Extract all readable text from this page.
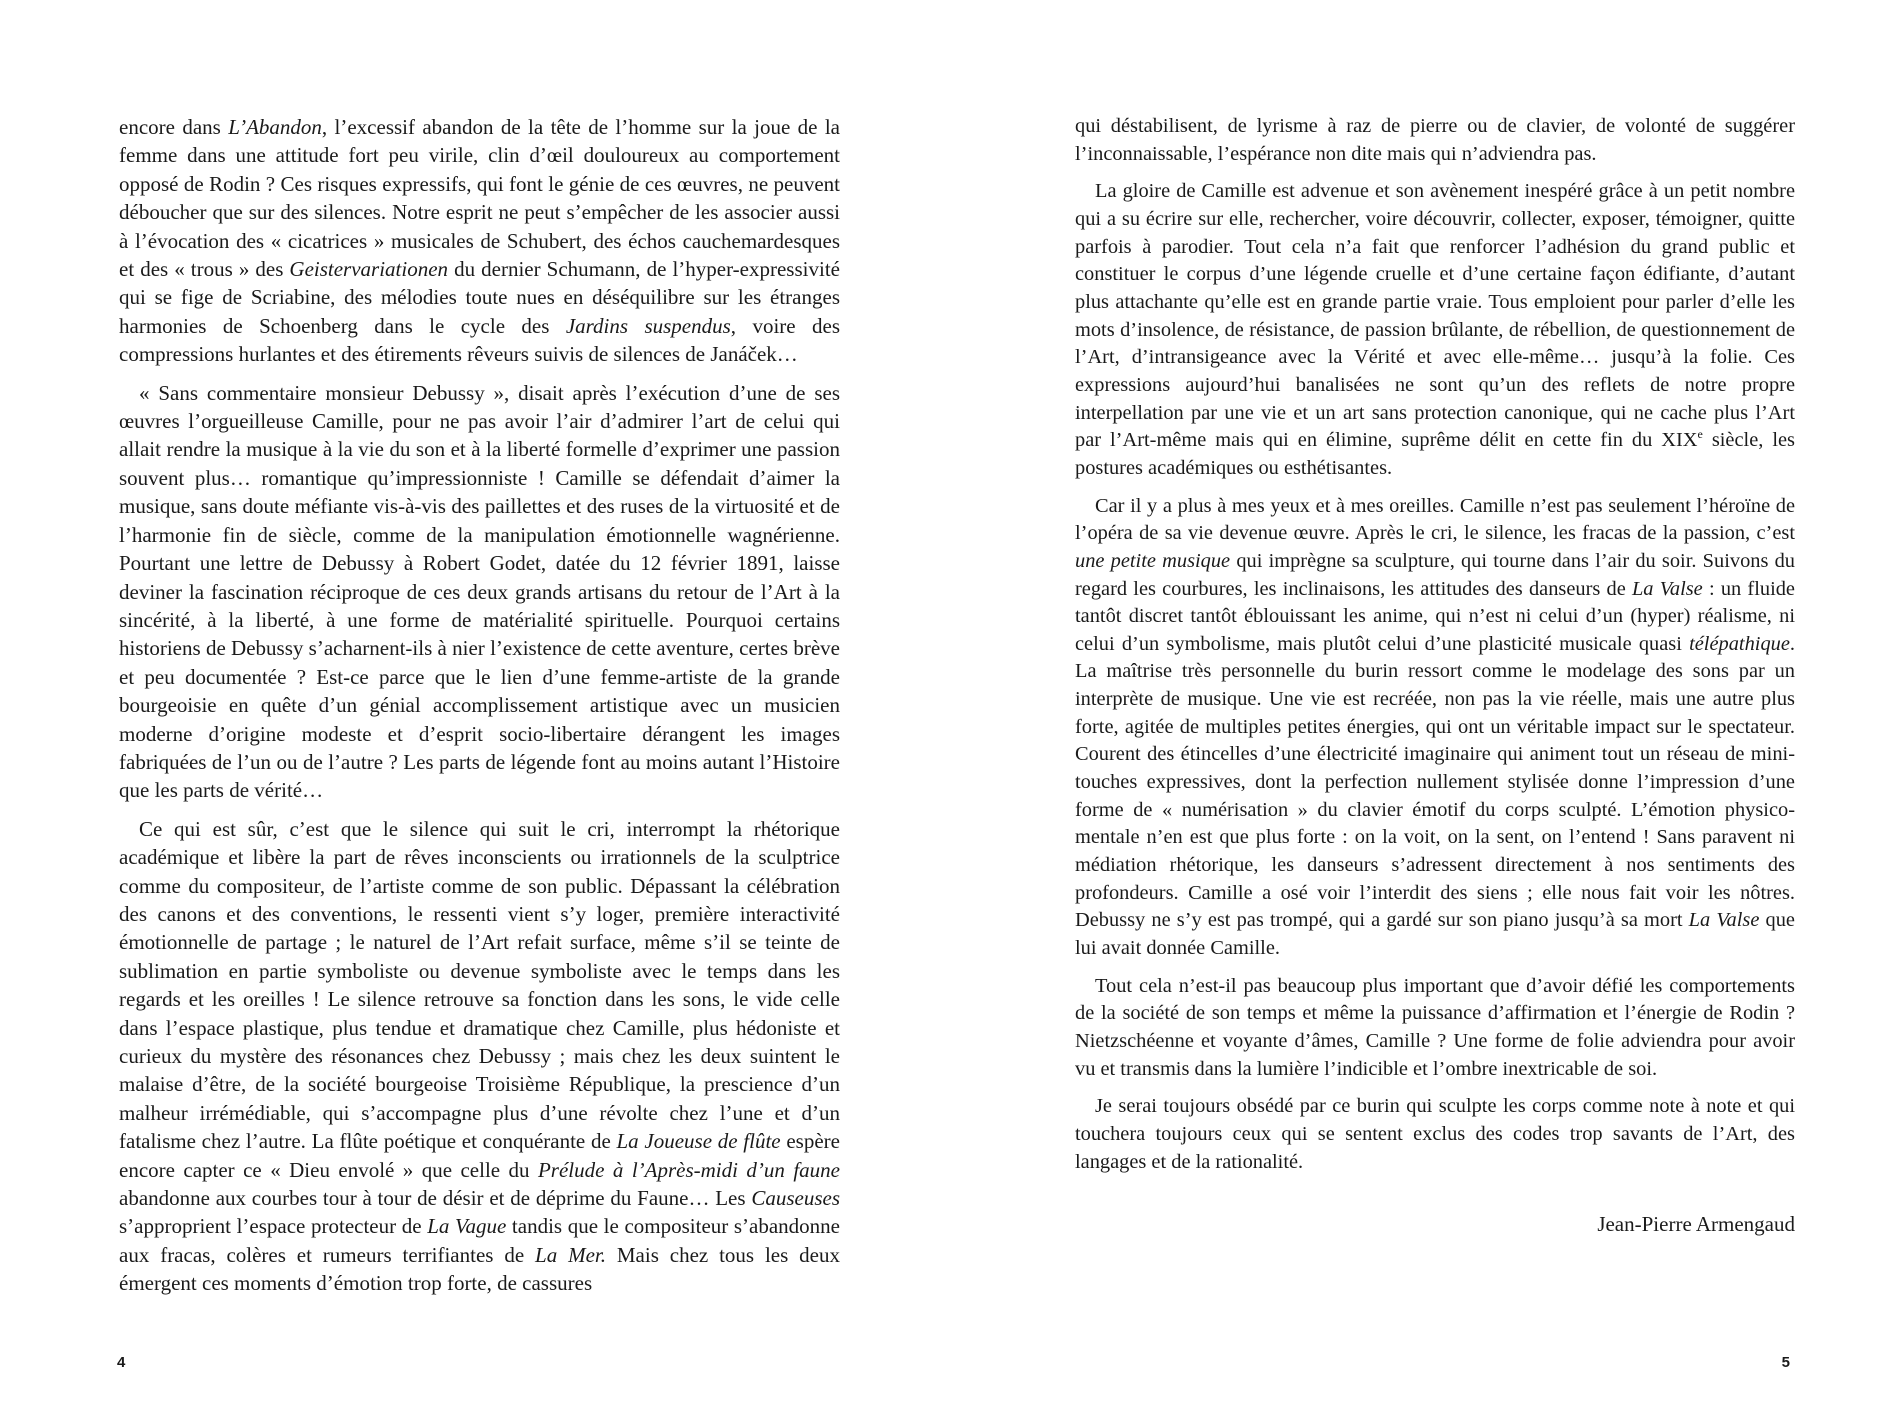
encore dans L’Abandon, l’excessif abandon de la tête de l’homme sur la joue de la femme dans une attitude fort peu virile, clin d’œil douloureux au comportement opposé de Rodin ? Ces risques expressifs, qui font le génie de ces œuvres, ne peuvent déboucher que sur des silences. Notre esprit ne peut s’empêcher de les associer aussi à l’évocation des « cicatrices » musicales de Schubert, des échos cauchemardesques et des « trous » des Geistervariationen du dernier Schumann, de l’hyper-expressivité qui se fige de Scriabine, des mélodies toute nues en déséquilibre sur les étranges harmonies de Schoenberg dans le cycle des Jardins suspendus, voire des compressions hurlantes et des étirements rêveurs suivis de silences de Janáček…

« Sans commentaire monsieur Debussy », disait après l’exécution d’une de ses œuvres l’orgueilleuse Camille, pour ne pas avoir l’air d’admirer l’art de celui qui allait rendre la musique à la vie du son et à la liberté formelle d’exprimer une passion souvent plus… romantique qu’impressionniste ! Camille se défendait d’aimer la musique, sans doute méfiante vis-à-vis des paillettes et des ruses de la virtuosité et de l’harmonie fin de siècle, comme de la manipulation émotionnelle wagnérienne. Pourtant une lettre de Debussy à Robert Godet, datée du 12 février 1891, laisse deviner la fascination réciproque de ces deux grands artisans du retour de l’Art à la sincérité, à la liberté, à une forme de matérialité spirituelle. Pourquoi certains historiens de Debussy s’acharnent-ils à nier l’existence de cette aventure, certes brève et peu documentée ? Est-ce parce que le lien d’une femme-artiste de la grande bourgeoisie en quête d’un génial accomplissement artistique avec un musicien moderne d’origine modeste et d’esprit socio-libertaire dérangent les images fabriquées de l’un ou de l’autre ? Les parts de légende font au moins autant l’Histoire que les parts de vérité…

Ce qui est sûr, c’est que le silence qui suit le cri, interrompt la rhétorique académique et libère la part de rêves inconscients ou irrationnels de la sculptrice comme du compositeur, de l’artiste comme de son public. Dépassant la célébration des canons et des conventions, le ressenti vient s’y loger, première interactivité émotionnelle de partage ; le naturel de l’Art refait surface, même s’il se teinte de sublimation en partie symboliste ou devenue symboliste avec le temps dans les regards et les oreilles ! Le silence retrouve sa fonction dans les sons, le vide celle dans l’espace plastique, plus tendue et dramatique chez Camille, plus hédoniste et curieux du mystère des résonances chez Debussy ; mais chez les deux suintent le malaise d’être, de la société bourgeoise Troisième République, la prescience d’un malheur irrémédiable, qui s’accompagne plus d’une révolte chez l’une et d’un fatalisme chez l’autre. La flûte poétique et conquérante de La Joueuse de flûte espère encore capter ce « Dieu envolé » que celle du Prélude à l’Après-midi d’un faune abandonne aux courbes tour à tour de désir et de déprime du Faune… Les Causeuses s’approprient l’espace protecteur de La Vague tandis que le compositeur s’abandonne aux fracas, colères et rumeurs terrifiantes de La Mer. Mais chez tous les deux émergent ces moments d’émotion trop forte, de cassures

4

qui déstabilisent, de lyrisme à raz de pierre ou de clavier, de volonté de suggérer l’inconnaissable, l’espérance non dite mais qui n’adviendra pas.

La gloire de Camille est advenue et son avènement inespéré grâce à un petit nombre qui a su écrire sur elle, rechercher, voire découvrir, collecter, exposer, témoigner, quitte parfois à parodier. Tout cela n’a fait que renforcer l’adhésion du grand public et constituer le corpus d’une légende cruelle et d’une certaine façon édifiante, d’autant plus attachante qu’elle est en grande partie vraie. Tous emploient pour parler d’elle les mots d’insolence, de résistance, de passion brûlante, de rébellion, de questionnement de l’Art, d’intransigeance avec la Vérité et avec elle-même… jusqu’à la folie. Ces expressions aujourd’hui banalisées ne sont qu’un des reflets de notre propre interpellation par une vie et un art sans protection canonique, qui ne cache plus l’Art par l’Art-même mais qui en élimine, suprême délit en cette fin du XIXe siècle, les postures académiques ou esthétisantes.

Car il y a plus à mes yeux et à mes oreilles. Camille n’est pas seulement l’héroïne de l’opéra de sa vie devenue œuvre. Après le cri, le silence, les fracas de la passion, c’est une petite musique qui imprègne sa sculpture, qui tourne dans l’air du soir. Suivons du regard les courbures, les inclinaisons, les attitudes des danseurs de La Valse : un fluide tantôt discret tantôt éblouissant les anime, qui n’est ni celui d’un (hyper) réalisme, ni celui d’un symbolisme, mais plutôt celui d’une plasticité musicale quasi télépathique. La maîtrise très personnelle du burin ressort comme le modelage des sons par un interprète de musique. Une vie est recréée, non pas la vie réelle, mais une autre plus forte, agitée de multiples petites énergies, qui ont un véritable impact sur le spectateur. Courent des étincelles d’une électricité imaginaire qui animent tout un réseau de mini-touches expressives, dont la perfection nullement stylisée donne l’impression d’une forme de « numérisation » du clavier émotif du corps sculpté. L’émotion physico-mentale n’en est que plus forte : on la voit, on la sent, on l’entend ! Sans paravent ni médiation rhétorique, les danseurs s’adressent directement à nos sentiments des profondeurs. Camille a osé voir l’interdit des siens ; elle nous fait voir les nôtres. Debussy ne s’y est pas trompé, qui a gardé sur son piano jusqu’à sa mort La Valse que lui avait donnée Camille.

Tout cela n’est-il pas beaucoup plus important que d’avoir défié les comportements de la société de son temps et même la puissance d’affirmation et l’énergie de Rodin ? Nietzschéenne et voyante d’âmes, Camille ? Une forme de folie adviendra pour avoir vu et transmis dans la lumière l’indicible et l’ombre inextricable de soi.

Je serai toujours obsédé par ce burin qui sculpte les corps comme note à note et qui touchera toujours ceux qui se sentent exclus des codes trop savants de l’Art, des langages et de la rationalité.

Jean-Pierre Armengaud
5
